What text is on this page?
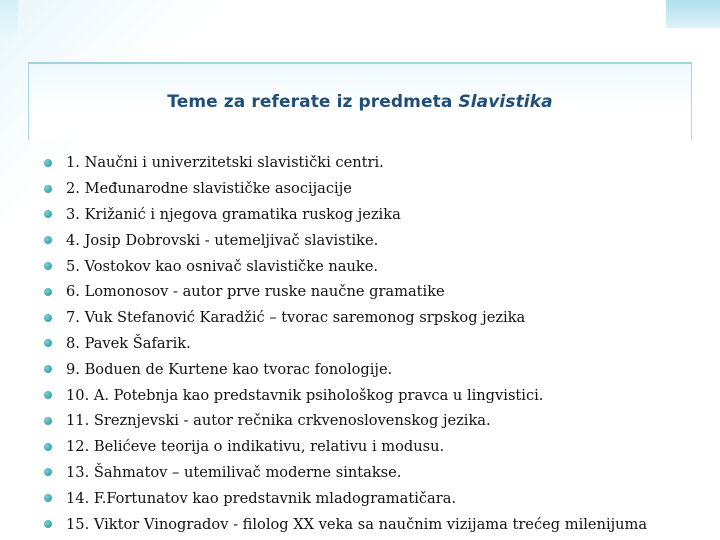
Teme za referate iz predmeta Slavistika
1. Naučni i univerzitetski slavistički centri.
2. Međunarodne slavističke asocijacije
3. Križanić i njegova gramatika ruskog jezika
4. Josip Dobrovski - utemeljivač slavistike.
5. Vostokov kao osnivač slavističke nauke.
6. Lomonosov - autor prve ruske naučne gramatike
7. Vuk Stefanović Karadžić – tvorac saremonog srpskog jezika
8. Pavek Šafarik.
9. Boduen de Kurtene kao tvorac fonologije.
10. A. Potebnja kao predstavnik psihološkog pravca u lingvistici.
11. Sreznjevski - autor rečnika crkvenoslovenskog jezika.
12. Belićeve teorija o indikativu, relativu i modusu.
13. Šahmatov – utemilivač moderne sintakse.
14. F.Fortunatov kao predstavnik mladogramatičara.
15. Viktor Vinogradov - filolog XX veka sa naučnim vizijama trećeg milenijuma
